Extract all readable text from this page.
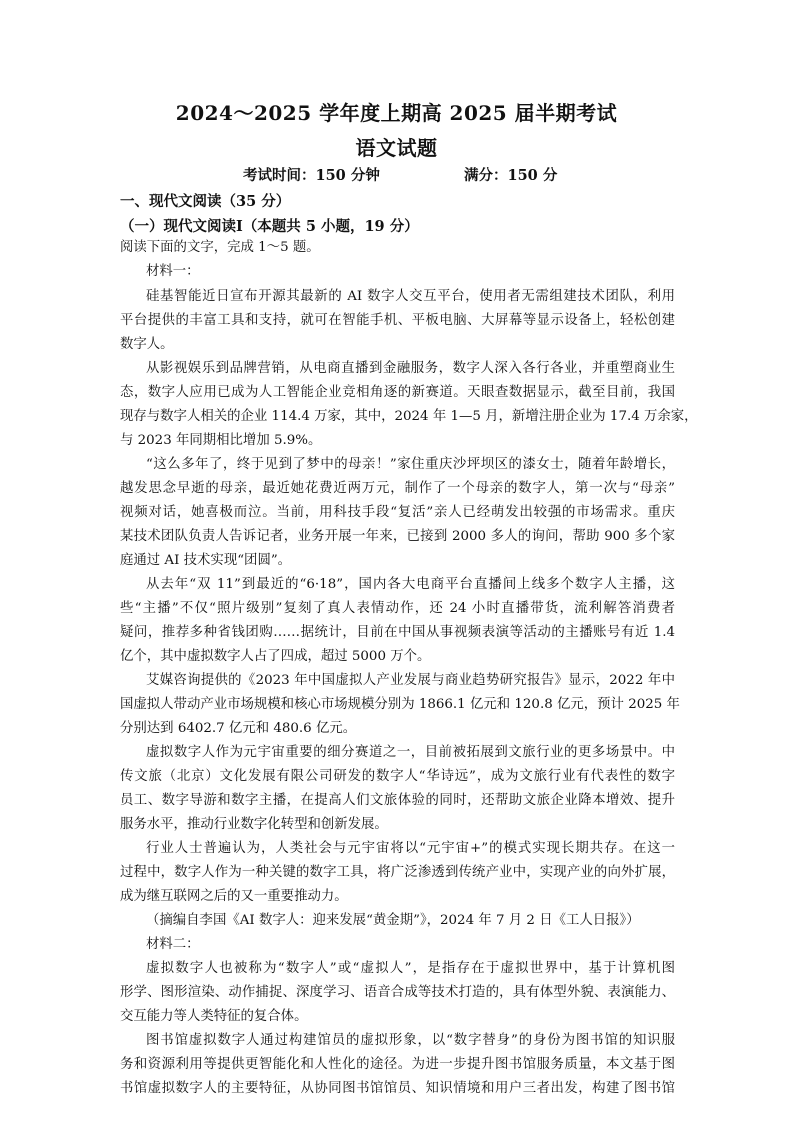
2024～2025 学年度上期高 2025 届半期考试
语文试题
考试时间：150 分钟	满分：150 分
一、现代文阅读（35 分）
（一）现代文阅读Ⅰ（本题共 5 小题，19 分）
阅读下面的文字，完成 1～5 题。
材料一：
硅基智能近日宣布开源其最新的 AI 数字人交互平台，使用者无需组建技术团队，利用
平台提供的丰富工具和支持，就可在智能手机、平板电脑、大屏幕等显示设备上，轻松创建
数字人。
从影视娱乐到品牌营销，从电商直播到金融服务，数字人深入各行各业，并重塑商业生
态，数字人应用已成为人工智能企业竞相角逐的新赛道。天眼查数据显示，截至目前，我国
现存与数字人相关的企业 114.4 万家，其中，2024 年 1—5 月，新增注册企业为 17.4 万余家，
与 2023 年同期相比增加 5.9%。
“这么多年了，终于见到了梦中的母亲！”家住重庆沙坪坝区的漆女士，随着年龄增长，
越发思念早逝的母亲，最近她花费近两万元，制作了一个母亲的数字人，第一次与“母亲”
视频对话，她喜极而泣。当前，用科技手段“复活”亲人已经萌发出较强的市场需求。重庆
某技术团队负责人告诉记者，业务开展一年来，已接到 2000 多人的询问，帮助 900 多个家
庭通过 AI 技术实现“团圆”。
从去年“双 11”到最近的“6·18”，国内各大电商平台直播间上线多个数字人主播，这
些“主播”不仅“照片级别”复刻了真人表情动作，还 24 小时直播带货，流利解答消费者
疑问，推荐多种省钱团购……据统计，目前在中国从事视频表演等活动的主播账号有近 1.4
亿个，其中虚拟数字人占了四成，超过 5000 万个。
艾媒咨询提供的《2023 年中国虚拟人产业发展与商业趋势研究报告》显示，2022 年中
国虚拟人带动产业市场规模和核心市场规模分别为 1866.1 亿元和 120.8 亿元，预计 2025 年
分别达到 6402.7 亿元和 480.6 亿元。
虚拟数字人作为元宇宙重要的细分赛道之一，目前被拓展到文旅行业的更多场景中。中
传文旅（北京）文化发展有限公司研发的数字人“华诗远”，成为文旅行业有代表性的数字
员工、数字导游和数字主播，在提高人们文旅体验的同时，还帮助文旅企业降本增效、提升
服务水平，推动行业数字化转型和创新发展。
行业人士普遍认为，人类社会与元宇宙将以“元宇宙+”的模式实现长期共存。在这一
过程中，数字人作为一种关键的数字工具，将广泛渗透到传统产业中，实现产业的向外扩展，
成为继互联网之后的又一重要推动力。
（摘编自李国《AI 数字人：迎来发展“黄金期”》，2024 年 7 月 2 日《工人日报》）
材料二：
虚拟数字人也被称为“数字人”或“虚拟人”，是指存在于虚拟世界中，基于计算机图
形学、图形渲染、动作捕捉、深度学习、语音合成等技术打造的，具有体型外貌、表演能力、
交互能力等人类特征的复合体。
图书馆虚拟数字人通过构建馆员的虚拟形象，以“数字替身”的身份为图书馆的知识服
务和资源利用等提供更智能化和人性化的途径。为进一步提升图书馆服务质量，本文基于图
书馆虚拟数字人的主要特征，从协同图书馆馆员、知识情境和用户三者出发，构建了图书馆
